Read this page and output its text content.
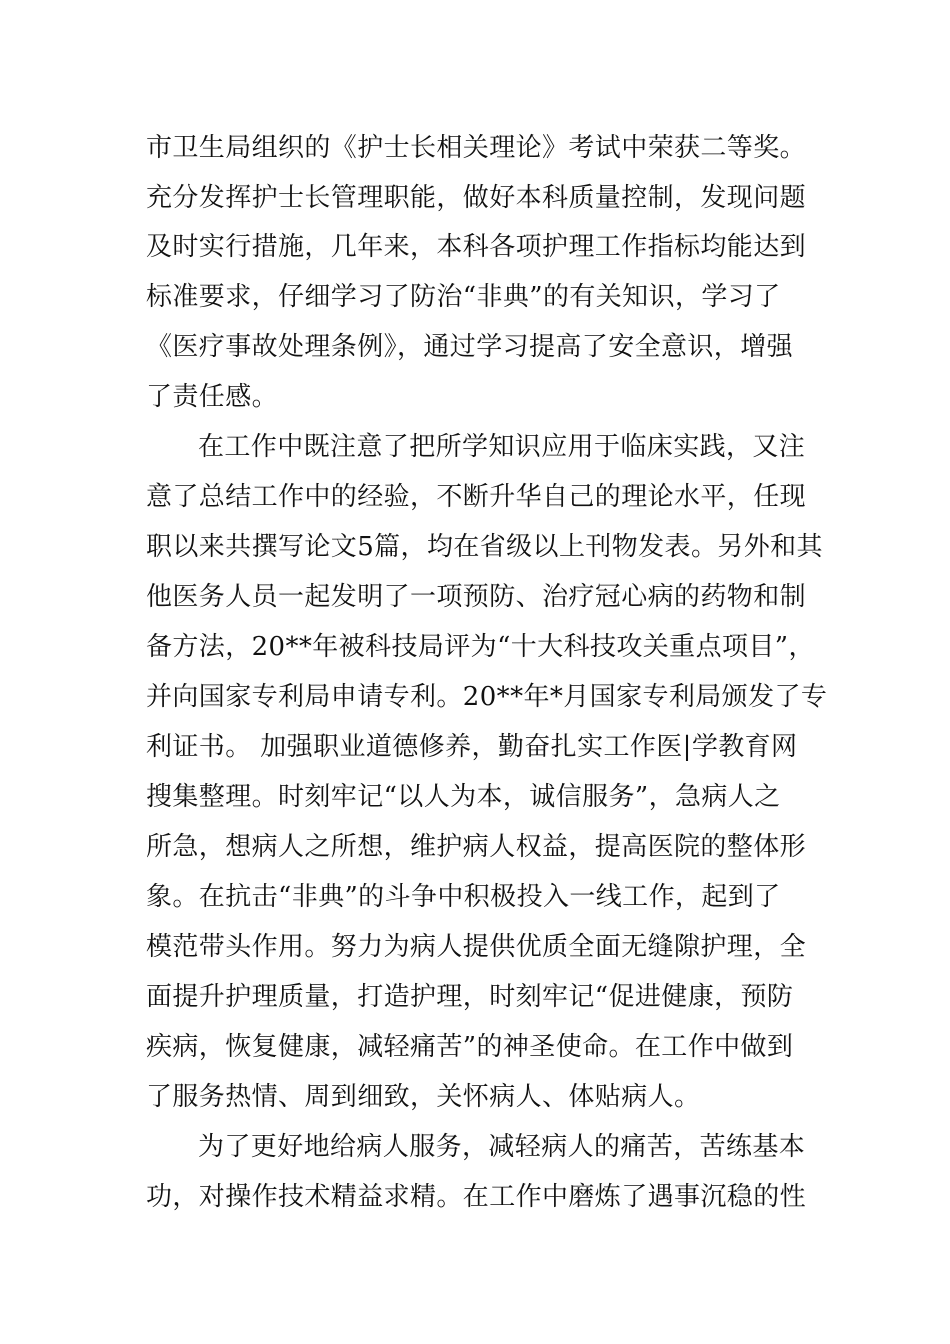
市卫生局组织的《护士长相关理论》考试中荣获二等奖。
充分发挥护士长管理职能，做好本科质量控制，发现问题
及时实行措施，几年来，本科各项护理工作指标均能达到
标准要求，仔细学习了防治“非典”的有关知识，学习了
《医疗事故处理条例》，通过学习提高了安全意识，增强
了责任感。
在工作中既注意了把所学知识应用于临床实践，又注
意了总结工作中的经验，不断升华自己的理论水平，任现
职以来共撰写论文5篇，均在省级以上刊物发表。另外和其
他医务人员一起发明了一项预防、治疗冠心病的药物和制
备方法，20**年被科技局评为“十大科技攻关重点项目”，
并向国家专利局申请专利。20**年*月国家专利局颁发了专
利证书。 加强职业道德修养，勤奋扎实工作医|学教育网
搜集整理。时刻牢记“以人为本，诚信服务”，急病人之
所急，想病人之所想，维护病人权益，提高医院的整体形
象。在抗击“非典”的斗争中积极投入一线工作，起到了
模范带头作用。努力为病人提供优质全面无缝隙护理，全
面提升护理质量，打造护理，时刻牢记“促进健康，预防
疾病，恢复健康，减轻痛苦”的神圣使命。在工作中做到
了服务热情、周到细致，关怀病人、体贴病人。
为了更好地给病人服务，减轻病人的痛苦，苦练基本
功，对操作技术精益求精。在工作中磨炼了遇事沉稳的性
